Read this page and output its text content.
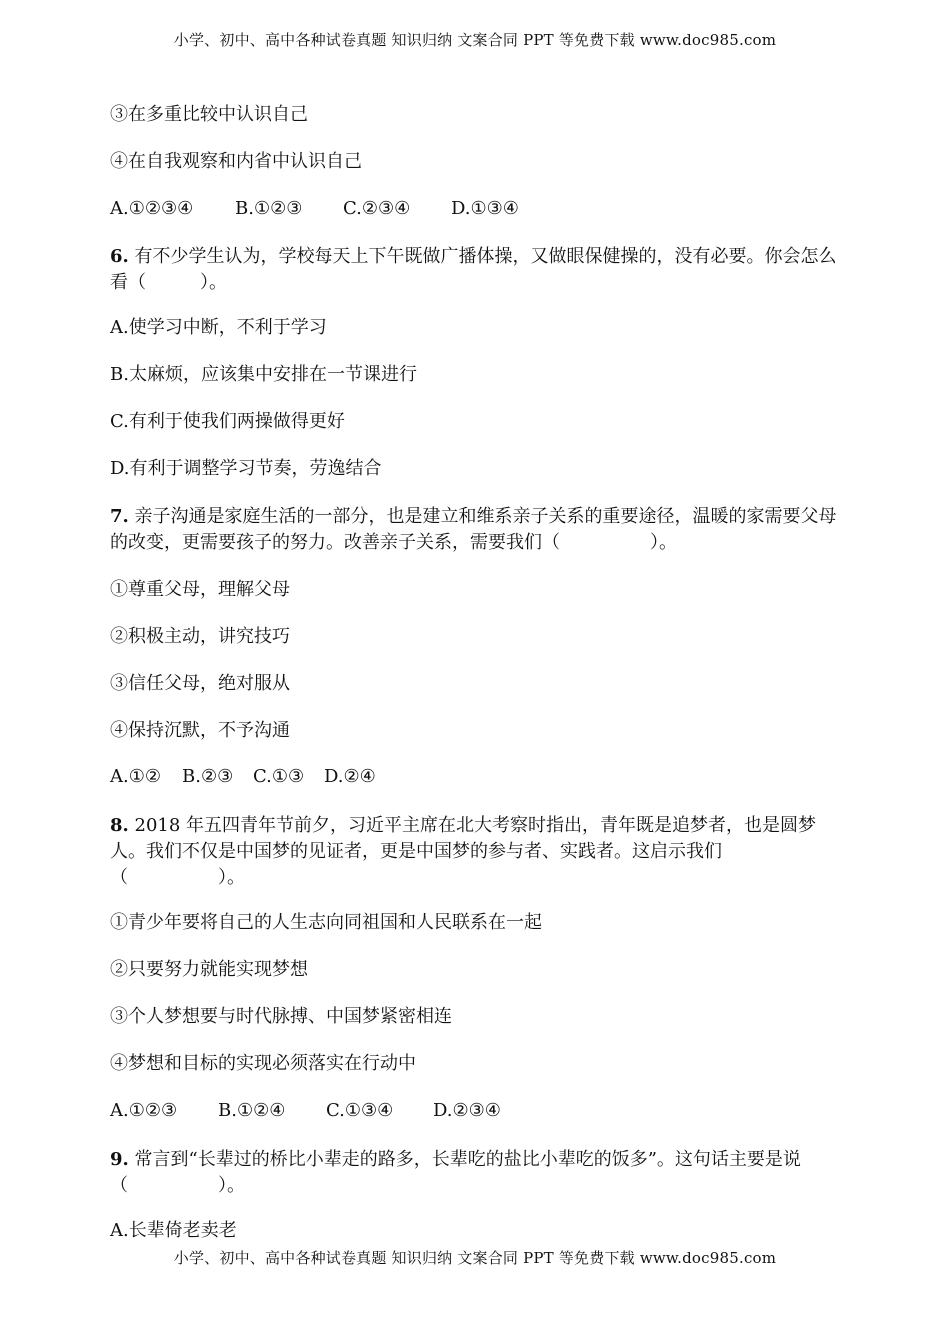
小学、初中、高中各种试卷真题 知识归纳 文案合同 PPT 等免费下载 www.doc985.com
③在多重比较中认识自己
④在自我观察和内省中认识自己
A.①②③④ B.①②③ C.②③④ D.①③④
6. 有不少学生认为，学校每天上下午既做广播体操，又做眼保健操的，没有必要。你会怎么看（　　　）。
A.使学习中断，不利于学习
B.太麻烦，应该集中安排在一节课进行
C.有利于使我们两操做得更好
D.有利于调整学习节奏，劳逸结合
7. 亲子沟通是家庭生活的一部分，也是建立和维系亲子关系的重要途径，温暖的家需要父母的改变，更需要孩子的努力。改善亲子关系，需要我们（　　　　　）。
①尊重父母，理解父母
②积极主动，讲究技巧
③信任父母，绝对服从
④保持沉默，不予沟通
A.①② B.②③ C.①③ D.②④
8. 2018 年五四青年节前夕，习近平主席在北大考察时指出，青年既是追梦者，也是圆梦人。我们不仅是中国梦的见证者，更是中国梦的参与者、实践者。这启示我们（　　　　　）。
①青少年要将自己的人生志向同祖国和人民联系在一起
②只要努力就能实现梦想
③个人梦想要与时代脉搏、中国梦紧密相连
④梦想和目标的实现必须落实在行动中
A.①②③ B.①②④ C.①③④ D.②③④
9. 常言到“长辈过的桥比小辈走的路多，长辈吃的盐比小辈吃的饭多”。这句话主要是说（　　　　　）。
A.长辈倚老卖老
小学、初中、高中各种试卷真题 知识归纳 文案合同 PPT 等免费下载 www.doc985.com
